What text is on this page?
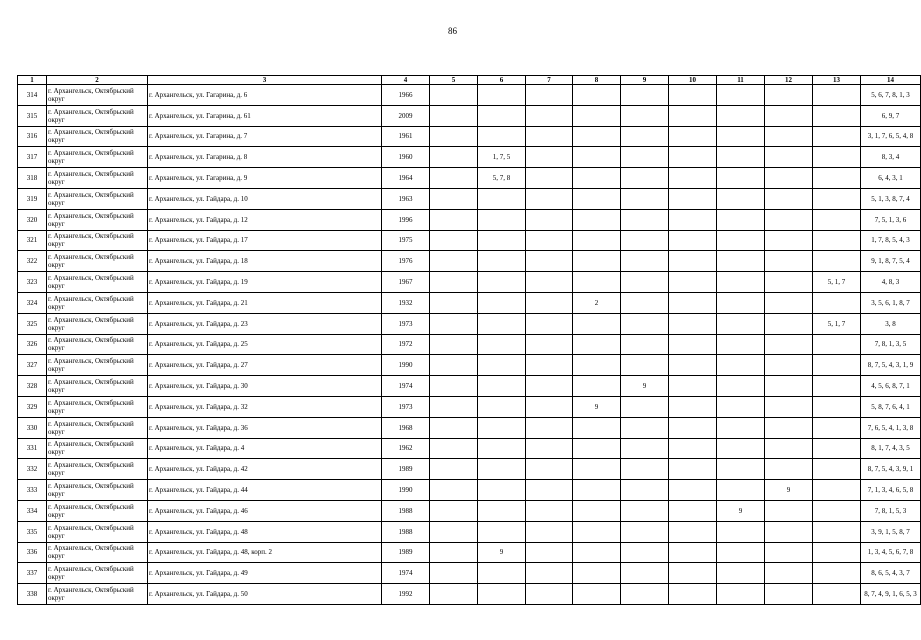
86
1	2	3	4	5	6	7	8	9	10	11	12	13	14
314	г. Архангельск, Октябрьский округ	г. Архангельск, ул. Гагарина, д. 6	1966										5, 6, 7, 8, 1, 3
315	г. Архангельск, Октябрьский округ	г. Архангельск, ул. Гагарина, д. 61	2009										6, 9, 7
316	г. Архангельск, Октябрьский округ	г. Архангельск, ул. Гагарина, д. 7	1961										3, 1, 7, 6, 5, 4, 8
317	г. Архангельск, Октябрьский округ	г. Архангельск, ул. Гагарина, д. 8	1960		1, 7, 5								8, 3, 4
318	г. Архангельск, Октябрьский округ	г. Архангельск, ул. Гагарина, д. 9	1964		5, 7, 8								6, 4, 3, 1
319	г. Архангельск, Октябрьский округ	г. Архангельск, ул. Гайдара, д. 10	1963										5, 1, 3, 8, 7, 4
320	г. Архангельск, Октябрьский округ	г. Архангельск, ул. Гайдара, д. 12	1996										7, 5, 1, 3, 6
321	г. Архангельск, Октябрьский округ	г. Архангельск, ул. Гайдара, д. 17	1975										1, 7, 8, 5, 4, 3
322	г. Архангельск, Октябрьский округ	г. Архангельск, ул. Гайдара, д. 18	1976										9, 1, 8, 7, 5, 4
323	г. Архангельск, Октябрьский округ	г. Архангельск, ул. Гайдара, д. 19	1967									5, 1, 7	4, 8, 3
324	г. Архангельск, Октябрьский округ	г. Архангельск, ул. Гайдара, д. 21	1932				2						3, 5, 6, 1, 8, 7
325	г. Архангельск, Октябрьский округ	г. Архангельск, ул. Гайдара, д. 23	1973									5, 1, 7	3, 8
326	г. Архангельск, Октябрьский округ	г. Архангельск, ул. Гайдара, д. 25	1972										7, 8, 1, 3, 5
327	г. Архангельск, Октябрьский округ	г. Архангельск, ул. Гайдара, д. 27	1990										8, 7, 5, 4, 3, 1, 9
328	г. Архангельск, Октябрьский округ	г. Архангельск, ул. Гайдара, д. 30	1974					9					4, 5, 6, 8, 7, 1
329	г. Архангельск, Октябрьский округ	г. Архангельск, ул. Гайдара, д. 32	1973				9						5, 8, 7, 6, 4, 1
330	г. Архангельск, Октябрьский округ	г. Архангельск, ул. Гайдара, д. 36	1968										7, 6, 5, 4, 1, 3, 8
331	г. Архангельск, Октябрьский округ	г. Архангельск, ул. Гайдара, д. 4	1962										8, 1, 7, 4, 3, 5
332	г. Архангельск, Октябрьский округ	г. Архангельск, ул. Гайдара, д. 42	1989										8, 7, 5, 4, 3, 9, 1
333	г. Архангельск, Октябрьский округ	г. Архангельск, ул. Гайдара, д. 44	1990								9		7, 1, 3, 4, 6, 5, 8
334	г. Архангельск, Октябрьский округ	г. Архангельск, ул. Гайдара, д. 46	1988							9			7, 8, 1, 5, 3
335	г. Архангельск, Октябрьский округ	г. Архангельск, ул. Гайдара, д. 48	1988										3, 9, 1, 5, 8, 7
336	г. Архангельск, Октябрьский округ	г. Архангельск, ул. Гайдара, д. 48, корп. 2	1989		9								1, 3, 4, 5, 6, 7, 8
337	г. Архангельск, Октябрьский округ	г. Архангельск, ул. Гайдара, д. 49	1974										8, 6, 5, 4, 3, 7
338	г. Архангельск, Октябрьский округ	г. Архангельск, ул. Гайдара, д. 50	1992										8, 7, 4, 9, 1, 6, 5, 3
